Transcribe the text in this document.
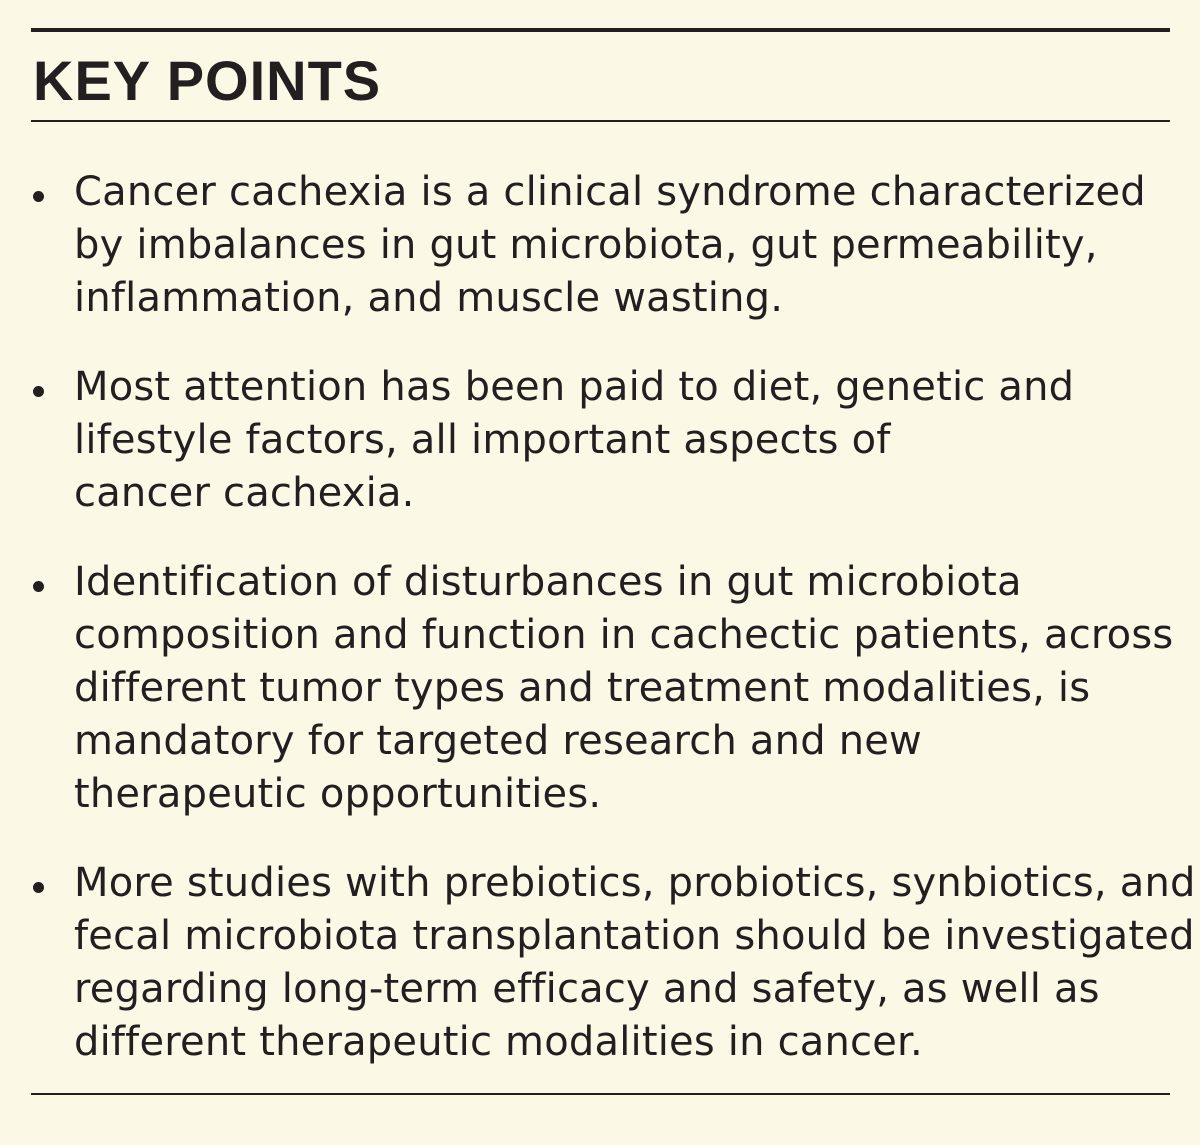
KEY POINTS
Cancer cachexia is a clinical syndrome characterized
by imbalances in gut microbiota, gut permeability,
inflammation, and muscle wasting.
Most attention has been paid to diet, genetic and
lifestyle factors, all important aspects of
cancer cachexia.
Identification of disturbances in gut microbiota
composition and function in cachectic patients, across
different tumor types and treatment modalities, is
mandatory for targeted research and new
therapeutic opportunities.
More studies with prebiotics, probiotics, synbiotics, and
fecal microbiota transplantation should be investigated
regarding long-term efficacy and safety, as well as
different therapeutic modalities in cancer.
